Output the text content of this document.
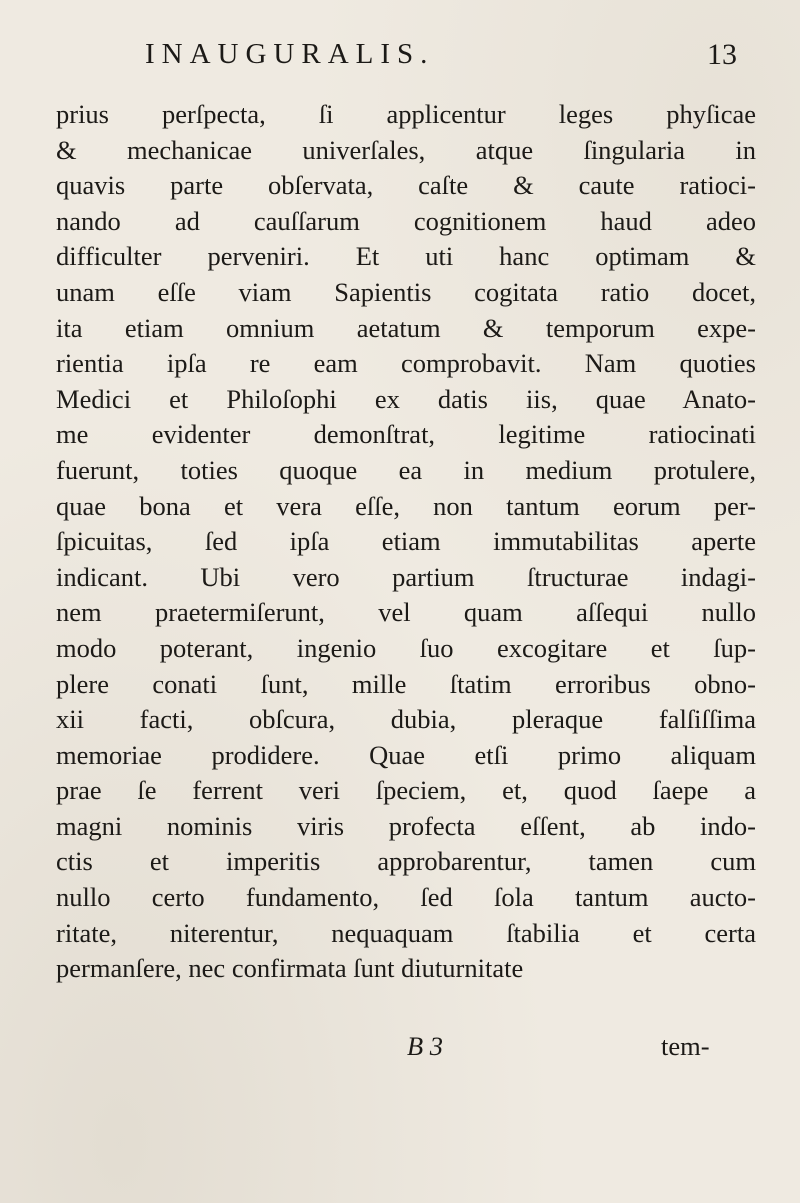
INAUGURALIS.	13
prius perſpecta, ſi applicentur leges phyſicae
& mechanicae univerſales, atque ſingularia in
quavis parte obſervata, caſte & caute ratioci-
nando ad cauſſarum cognitionem haud adeo
difficulter perveniri. Et uti hanc optimam &
unam eſſe viam Sapientis cogitata ratio docet,
ita etiam omnium aetatum & temporum expe-
rientia ipſa re eam comprobavit. Nam quoties
Medici et Philoſophi ex datis iis, quae Anato-
me evidenter demonſtrat, legitime ratiocinati
fuerunt, toties quoque ea in medium protulere,
quae bona et vera eſſe, non tantum eorum per-
ſpicuitas, ſed ipſa etiam immutabilitas aperte
indicant. Ubi vero partium ſtructurae indagi-
nem praetermiſerunt, vel quam aſſequi nullo
modo poterant, ingenio ſuo excogitare et ſup-
plere conati ſunt, mille ſtatim erroribus obno-
xii facti, obſcura, dubia, pleraque falſiſſima
memoriae prodidere. Quae etſi primo aliquam
prae ſe ferrent veri ſpeciem, et, quod ſaepe a
magni nominis viris profecta eſſent, ab indo-
ctis et imperitis approbarentur, tamen cum
nullo certo fundamento, ſed ſola tantum aucto-
ritate, niterentur, nequaquam ſtabilia et certa
permanſere, nec confirmata ſunt diuturnitate
B 3	tem-
